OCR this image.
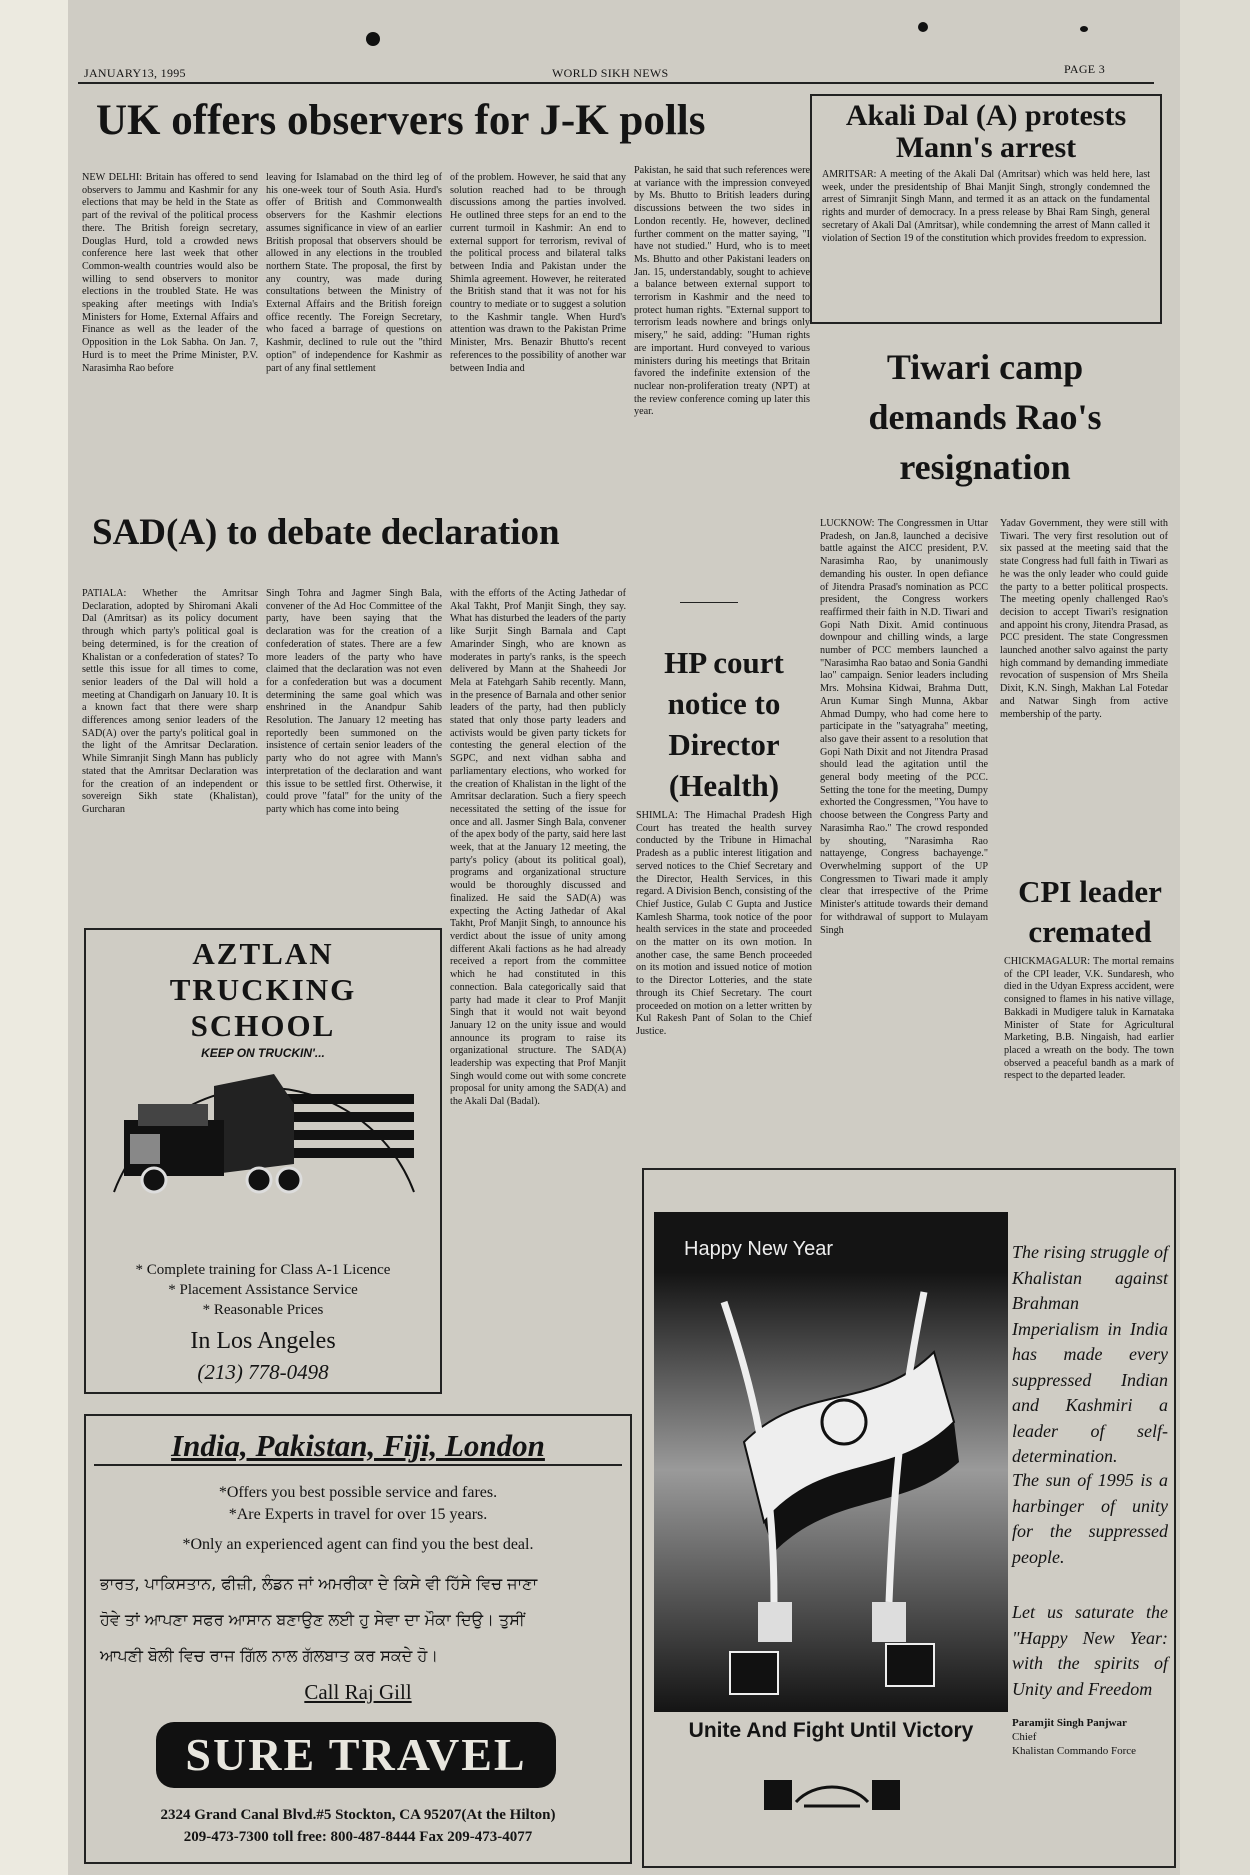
JANUARY13, 1995	WORLD SIKH NEWS	PAGE 3
UK offers observers for J-K polls
NEW DELHI: Britain has offered to send observers to Jammu and Kashmir for any elections that may be held in the State as part of the revival of the political process there. The British foreign secretary, Douglas Hurd, told a crowded news conference here last week that other Common-wealth countries would also be willing to send observers to monitor elections in the troubled State. He was speaking after meetings with India's Ministers for Home, External Affairs and Finance as well as the leader of the Opposition in the Lok Sabha. On Jan. 7, Hurd is to meet the Prime Minister, P.V. Narasimha Rao before
leaving for Islamabad on the third leg of his one-week tour of South Asia. Hurd's offer of British and Commonwealth observers for the Kashmir elections assumes significance in view of an earlier British proposal that observers should be allowed in any elections in the troubled northern State. The proposal, the first by any country, was made during consultations between the Ministry of External Affairs and the British foreign office recently. The Foreign Secretary, who faced a barrage of questions on Kashmir, declined to rule out the "third option" of independence for Kashmir as part of any final settlement
of the problem. However, he said that any solution reached had to be through discussions among the parties involved. He outlined three steps for an end to the current turmoil in Kashmir: An end to external support for terrorism, revival of the political process and bilateral talks between India and Pakistan under the Shimla agreement. However, he reiterated the British stand that it was not for his country to mediate or to suggest a solution to the Kashmir tangle. When Hurd's attention was drawn to the Pakistan Prime Minister, Mrs. Benazir Bhutto's recent references to the possibility of another war between India and
Pakistan, he said that such references were at variance with the impression conveyed by Ms. Bhutto to British leaders during discussions between the two sides in London recently. He, however, declined further comment on the matter saying, "I have not studied." Hurd, who is to meet Ms. Bhutto and other Pakistani leaders on Jan. 15, understandably, sought to achieve a balance between external support to terrorism in Kashmir and the need to protect human rights. "External support to terrorism leads nowhere and brings only misery," he said, adding: "Human rights are important. Hurd conveyed to various ministers during his meetings that Britain favored the indefinite extension of the nuclear non-proliferation treaty (NPT) at the review conference coming up later this year.
Akali Dal (A) protests
Mann's arrest
AMRITSAR: A meeting of the Akali Dal (Amritsar) which was held here, last week, under the presidentship of Bhai Manjit Singh, strongly condemned the arrest of Simranjit Singh Mann, and termed it as an attack on the fundamental rights and murder of democracy. In a press release by Bhai Ram Singh, general secretary of Akali Dal (Amritsar), while condemning the arrest of Mann called it violation of Section 19 of the constitution which provides freedom to expression.
Tiwari camp demands Rao's resignation
LUCKNOW: The Congressmen in Uttar Pradesh, on Jan.8, launched a decisive battle against the AICC president, P.V. Narasimha Rao, by unanimously demanding his ouster. In open defiance of Jitendra Prasad's nomination as PCC president, the Congress workers reaffirmed their faith in N.D. Tiwari and Gopi Nath Dixit. Amid continuous downpour and chilling winds, a large number of PCC members launched a "Narasimha Rao batao and Sonia Gandhi lao" campaign. Senior leaders including Mrs. Mohsina Kidwai, Brahma Dutt, Arun Kumar Singh Munna, Akbar Ahmad Dumpy, who had come here to participate in the "satyagraha" meeting, also gave their assent to a resolution that Gopi Nath Dixit and not Jitendra Prasad should lead the agitation until the general body meeting of the PCC. Setting the tone for the meeting, Dumpy exhorted the Congressmen, "You have to choose between the Congress Party and Narasimha Rao." The crowd responded by shouting, "Narasimha Rao nattayenge, Congress bachayenge." Overwhelming support of the UP Congressmen to Tiwari made it amply clear that irrespective of the Prime Minister's attitude towards their demand for withdrawal of support to Mulayam Singh
Yadav Government, they were still with Tiwari. The very first resolution out of six passed at the meeting said that the state Congress had full faith in Tiwari as he was the only leader who could guide the party to a better political prospects. The meeting openly challenged Rao's decision to accept Tiwari's resignation and appoint his crony, Jitendra Prasad, as PCC president. The state Congressmen launched another salvo against the party high command by demanding immediate revocation of suspension of Mrs Sheila Dixit, K.N. Singh, Makhan Lal Fotedar and Natwar Singh from active membership of the party.
SAD(A) to debate declaration
PATIALA: Whether the Amritsar Declaration, adopted by Shiromani Akali Dal (Amritsar) as its policy document through which party's political goal is being determined, is for the creation of Khalistan or a confederation of states? To settle this issue for all times to come, senior leaders of the Dal will hold a meeting at Chandigarh on January 10. It is a known fact that there were sharp differences among senior leaders of the SAD(A) over the party's political goal in the light of the Amritsar Declaration. While Simranjit Singh Mann has publicly stated that the Amritsar Declaration was for the creation of an independent or sovereign Sikh state (Khalistan), Gurcharan
Singh Tohra and Jagmer Singh Bala, convener of the Ad Hoc Committee of the party, have been saying that the declaration was for the creation of a confederation of states. There are a few more leaders of the party who have claimed that the declaration was not even for a confederation but was a document determining the same goal which was enshrined in the Anandpur Sahib Resolution. The January 12 meeting has reportedly been summoned on the insistence of certain senior leaders of the party who do not agree with Mann's interpretation of the declaration and want this issue to be settled first. Otherwise, it could prove "fatal" for the unity of the party which has come into being
with the efforts of the Acting Jathedar of Akal Takht, Prof Manjit Singh, they say. What has disturbed the leaders of the party like Surjit Singh Barnala and Capt Amarinder Singh, who are known as moderates in party's ranks, is the speech delivered by Mann at the Shaheedi Jor Mela at Fatehgarh Sahib recently. Mann, in the presence of Barnala and other senior leaders of the party, had then publicly stated that only those party leaders and activists would be given party tickets for contesting the general election of the SGPC, and next vidhan sabha and parliamentary elections, who worked for the creation of Khalistan in the light of the Amritsar declaration. Such a fiery speech necessitated the setting of the issue for once and all. Jasmer Singh Bala, convener of the apex body of the party, said here last week, that at the January 12 meeting, the party's policy (about its political goal), programs and organizational structure would be thoroughly discussed and finalized. He said the SAD(A) was expecting the Acting Jathedar of Akal Takht, Prof Manjit Singh, to announce his verdict about the issue of unity among different Akali factions as he had already received a report from the committee which he had constituted in this connection. Bala categorically said that party had made it clear to Prof Manjit Singh that it would not wait beyond January 12 on the unity issue and would announce its program to raise its organizational structure. The SAD(A) leadership was expecting that Prof Manjit Singh would come out with some concrete proposal for unity among the SAD(A) and the Akali Dal (Badal).
HP court
notice to
Director
(Health)
SHIMLA: The Himachal Pradesh High Court has treated the health survey conducted by the Tribune in Himachal Pradesh as a public interest litigation and served notices to the Chief Secretary and the Director, Health Services, in this regard. A Division Bench, consisting of the Chief Justice, Gulab C Gupta and Justice Kamlesh Sharma, took notice of the poor health services in the state and proceeded on the matter on its own motion. In another case, the same Bench proceeded on its motion and issued notice of motion to the Director Lotteries, and the state through its Chief Secretary. The court proceeded on motion on a letter written by Kul Rakesh Pant of Solan to the Chief Justice.
CPI leader
cremated
CHICKMAGALUR: The mortal remains of the CPI leader, V.K. Sundaresh, who died in the Udyan Express accident, were consigned to flames in his native village, Bakkadi in Mudigere taluk in Karnataka Minister of State for Agricultural Marketing, B.B. Ningaish, had earlier placed a wreath on the body. The town observed a peaceful bandh as a mark of respect to the departed leader.
AZTLAN
TRUCKING
SCHOOL
KEEP ON TRUCKIN'...
* Complete training for Class A-1 Licence
* Placement Assistance Service
* Reasonable Prices
In Los Angeles
(213) 778-0498
India, Pakistan, Fiji, London
*Offers you best possible service and fares.
*Are Experts in travel for over 15 years.
*Only an experienced agent can find you the best deal.
ਭਾਰਤ, ਪਾਕਿਸਤਾਨ, ਫੀਜ਼ੀ, ਲੰਡਨ ਜਾਂ ਅਮਰੀਕਾ ਦੇ ਕਿਸੇ ਵੀ ਹਿੱਸੇ ਵਿਚ ਜਾਣਾ
ਹੋਵੇ ਤਾਂ ਆਪਣਾ ਸਫਰ ਆਸਾਨ ਬਣਾਉਣ ਲਈ ਹੁ ਸੇਵਾ ਦਾ ਮੌਕਾ ਦਿਉ। ਤੁਸੀਂ
ਆਪਣੀ ਬੋਲੀ ਵਿਚ ਰਾਜ ਗਿੱਲ ਨਾਲ ਗੱਲਬਾਤ ਕਰ ਸਕਦੇ ਹੋ।
Call Raj Gill
SURE TRAVEL
2324 Grand Canal Blvd.#5 Stockton, CA 95207(At the Hilton)
209-473-7300 toll free: 800-487-8444 Fax 209-473-4077
Happy New Year
Unite And Fight Until Victory
The rising struggle of Khalistan against Brahman Imperialism in India has made every suppressed Indian and Kashmiri a leader of self-determination.
The sun of 1995 is a harbinger of unity for the suppressed people.
Let us saturate the "Happy New Year: with the spirits of Unity and Freedom
Paramjit Singh Panjwar
Chief
Khalistan Commando Force
